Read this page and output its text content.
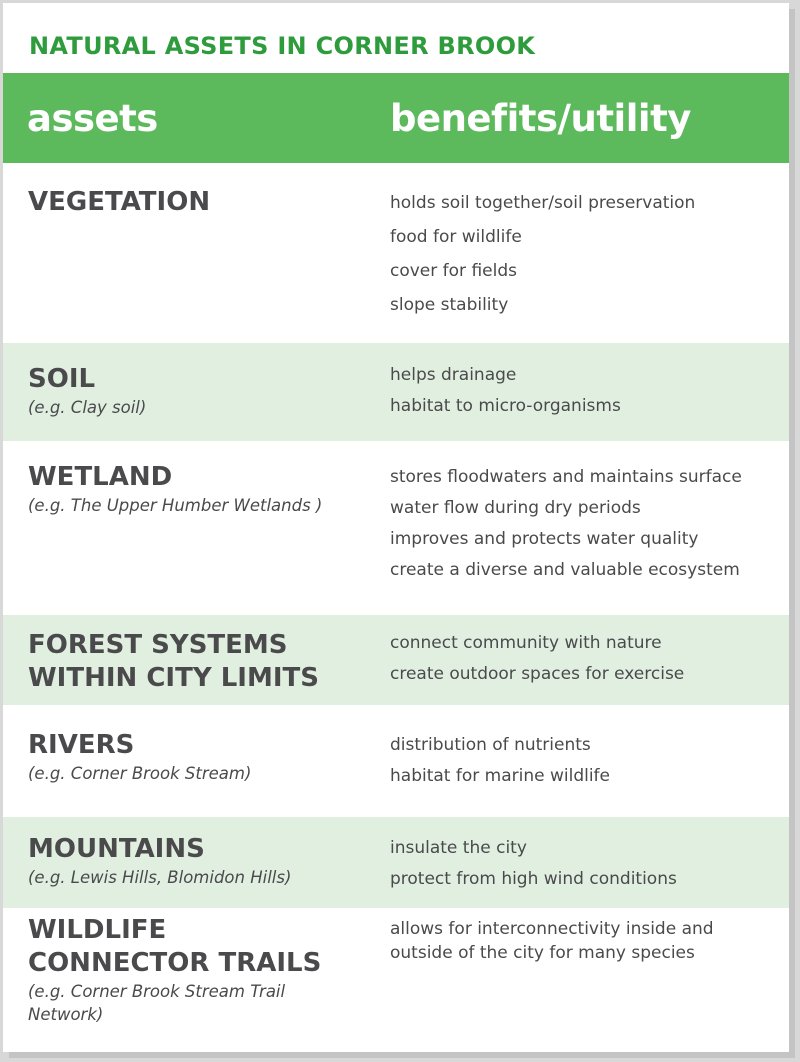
NATURAL ASSETS IN CORNER BROOK
assets	benefits/utility

VEGETATION	holds soil together/soil preservation
food for wildlife
cover for fields
slope stability

SOIL

(e.g. Clay soil)

helps drainage
habitat to micro-organisms

WETLAND

(e.g. The Upper Humber Wetlands )

stores floodwaters and maintains surface
water flow during dry periods
improves and protects water quality
create a diverse and valuable ecosystem

FOREST SYSTEMS

WITHIN CITY LIMITS

connect community with nature
create outdoor spaces for exercise

RIVERS

(e.g. Corner Brook Stream)

distribution of nutrients
habitat for marine wildlife

MOUNTAINS

(e.g. Lewis Hills, Blomidon Hills)

insulate the city
protect from high wind conditions

WILDLIFE

CONNECTOR TRAILS

(e.g. Corner Brook Stream Trail

Network)

allows for interconnectivity inside and
outside of the city for many species
